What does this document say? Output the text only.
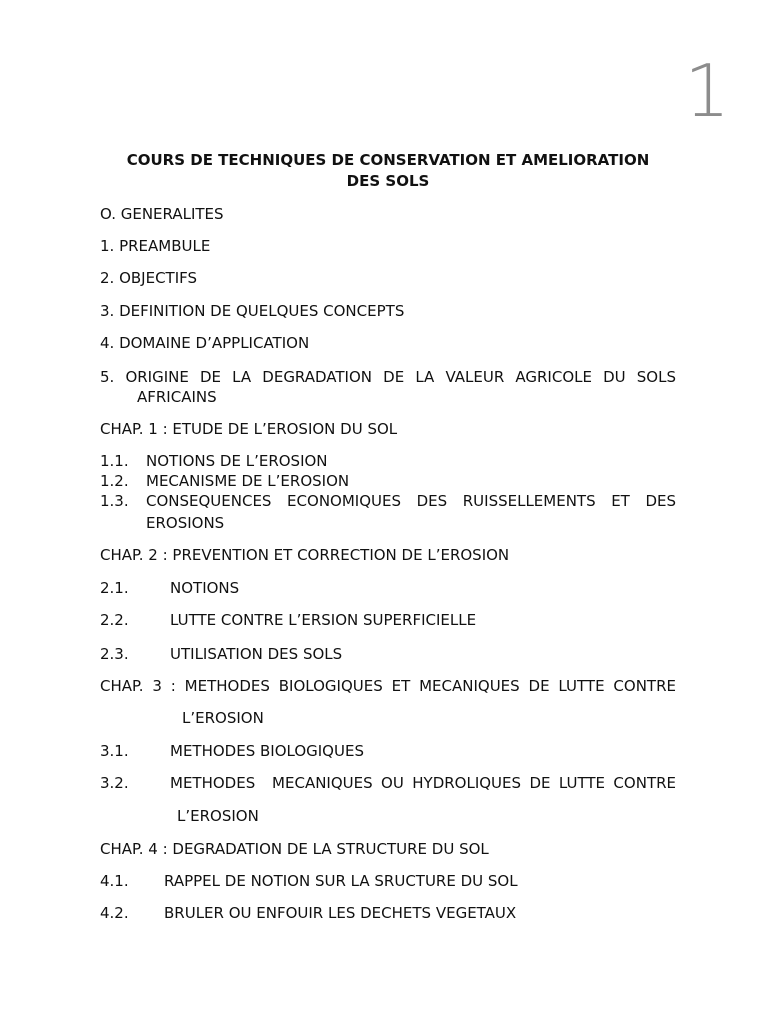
1
COURS DE TECHNIQUES DE CONSERVATION ET AMELIORATION
DES SOLS
O. GENERALITES
1. PREAMBULE
2. OBJECTIFS
3. DEFINITION DE QUELQUES CONCEPTS
4. DOMAINE D’APPLICATION
5. ORIGINE DE LA DEGRADATION DE LA VALEUR AGRICOLE DU SOLS
AFRICAINS
CHAP. 1 : ETUDE DE L’EROSION DU SOL
1.1. NOTIONS DE L’EROSION
1.2. MECANISME DE L’EROSION
1.3.	CONSEQUENCES ECONOMIQUES DES RUISSELLEMENTS ET DES
EROSIONS
CHAP. 2 : PREVENTION ET CORRECTION DE L’EROSION
2.1.	NOTIONS
2.2.	LUTTE CONTRE L’ERSION SUPERFICIELLE
2.3.	UTILISATION DES SOLS
CHAP. 3 : METHODES BIOLOGIQUES ET MECANIQUES DE LUTTE CONTRE
L’EROSION
3.1.	METHODES BIOLOGIQUES
3.2.	METHODES  MECANIQUES OU HYDROLIQUES DE LUTTE CONTRE
L’EROSION
CHAP. 4 : DEGRADATION DE LA STRUCTURE DU SOL
4.1. RAPPEL DE NOTION SUR LA SRUCTURE DU SOL
4.2. BRULER OU ENFOUIR LES DECHETS VEGETAUX
